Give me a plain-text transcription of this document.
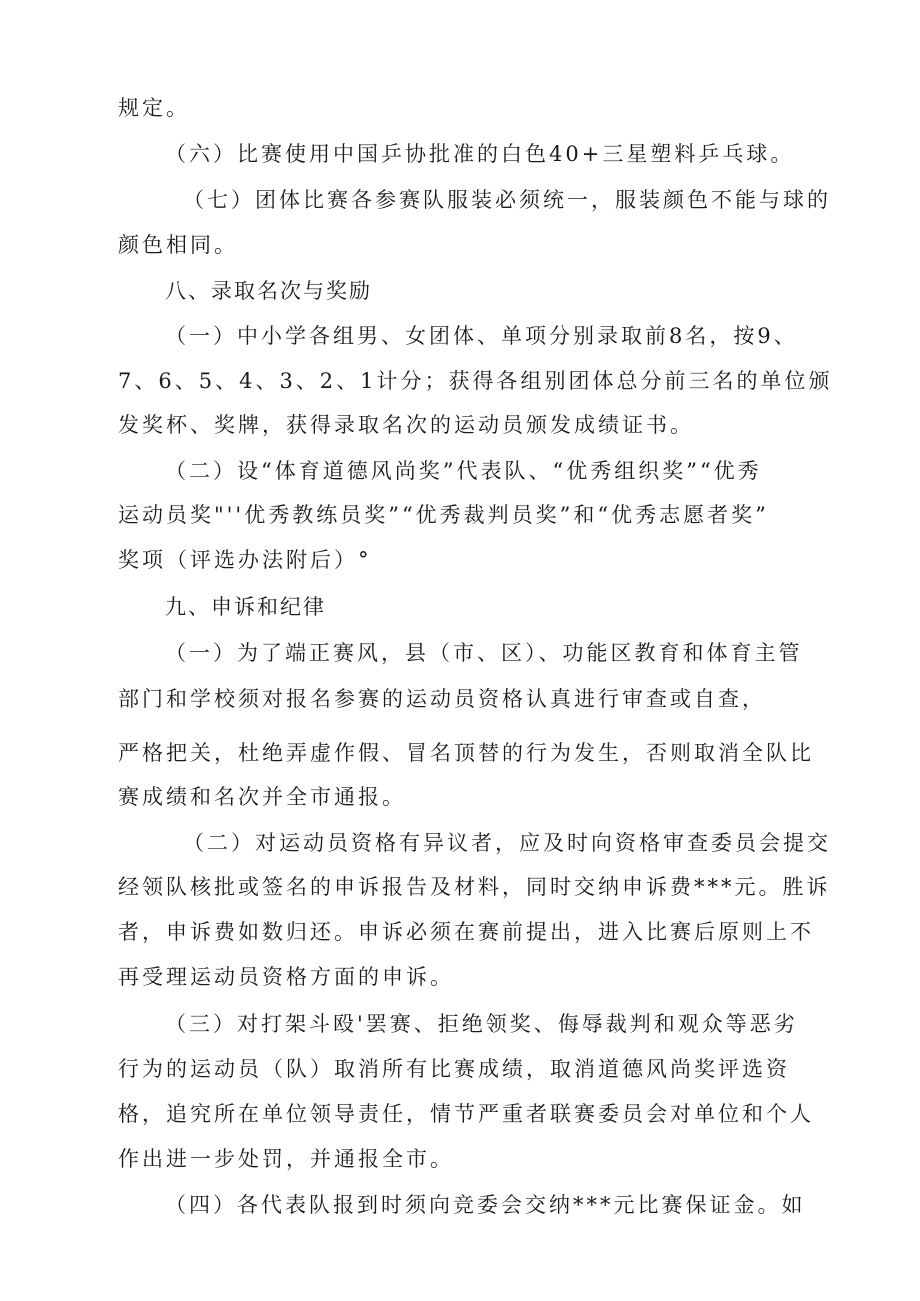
规定。
（六）比赛使用中国乒协批准的白色40+三星塑料乒乓球。
（七）团体比赛各参赛队服装必须统一，服装颜色不能与球的
颜色相同。
八、录取名次与奖励
（一）中小学各组男、女团体、单项分别录取前8名，按9、
7、6、5、4、3、2、1计分；获得各组别团体总分前三名的单位颁
发奖杯、奖牌，获得录取名次的运动员颁发成绩证书。
（二）设“体育道德风尚奖”代表队、“优秀组织奖”“优秀
运动员奖"''优秀教练员奖”“优秀裁判员奖”和“优秀志愿者奖”
奖项（评选办法附后）°
九、申诉和纪律
（一）为了端正赛风，县（市、区）、功能区教育和体育主管
部门和学校须对报名参赛的运动员资格认真进行审查或自查，
严格把关，杜绝弄虚作假、冒名顶替的行为发生，否则取消全队比
赛成绩和名次并全市通报。
（二）对运动员资格有异议者，应及时向资格审查委员会提交
经领队核批或签名的申诉报告及材料，同时交纳申诉费***元。胜诉
者，申诉费如数归还。申诉必须在赛前提出，进入比赛后原则上不
再受理运动员资格方面的申诉。
（三）对打架斗殴'罢赛、拒绝领奖、侮辱裁判和观众等恶劣
行为的运动员（队）取消所有比赛成绩，取消道德风尚奖评选资
格，追究所在单位领导责任，情节严重者联赛委员会对单位和个人
作出进一步处罚，并通报全市。
（四）各代表队报到时须向竞委会交纳***元比赛保证金。如
